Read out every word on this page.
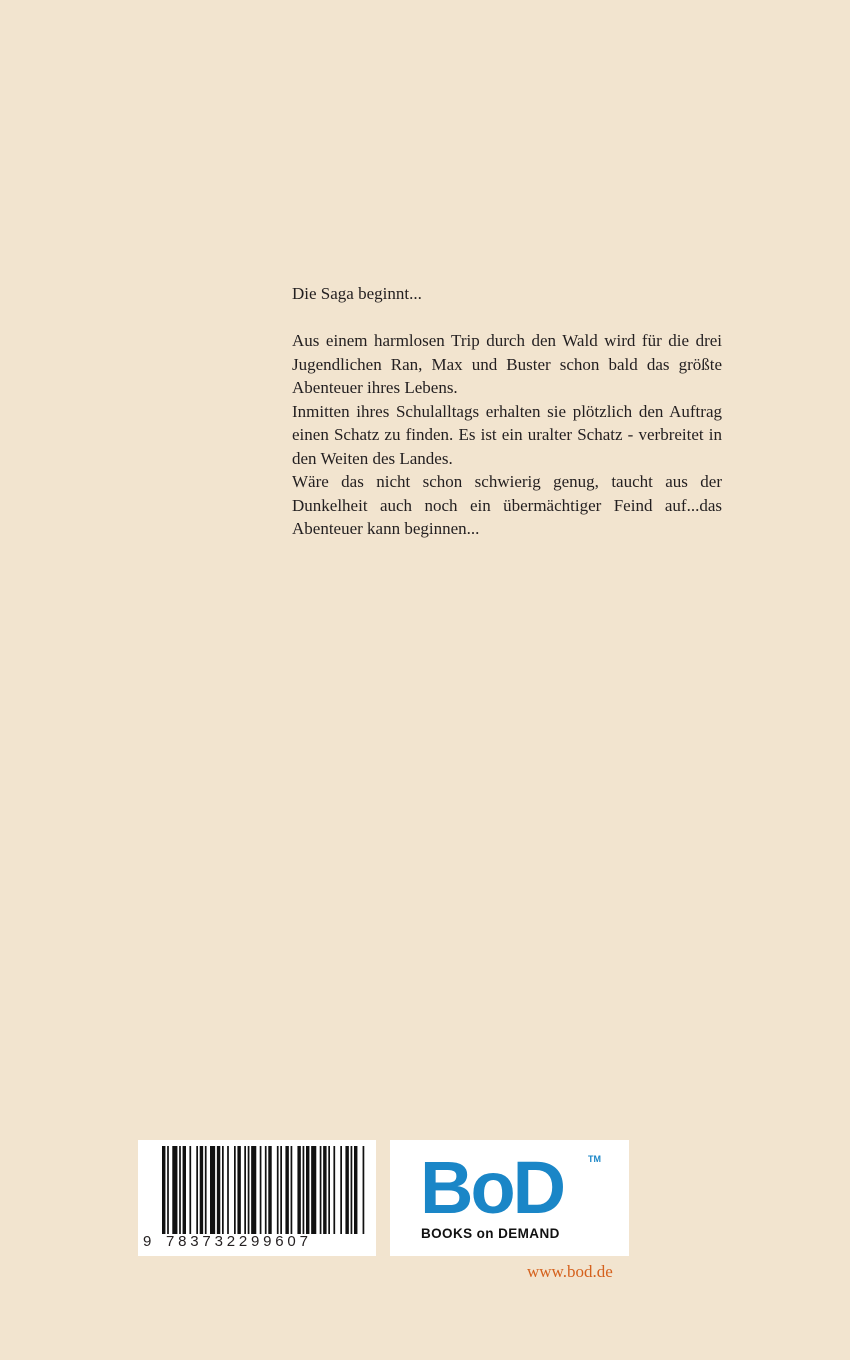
Die Saga beginnt...

Aus einem harmlosen Trip durch den Wald wird für die drei Jugendlichen Ran, Max und Buster schon bald das größte Abenteuer ihres Lebens.

Inmitten ihres Schulalltags erhalten sie plötzlich den Auftrag einen Schatz zu finden. Es ist ein uralter Schatz - verbreitet in den Weiten des Landes.

Wäre das nicht schon schwierig genug, taucht aus der Dunkelheit auch noch ein übermächtiger Feind auf...das Abenteuer kann beginnen...

9 783732299607
BoD	TM
BOOKS on DEMAND
www.bod.de
